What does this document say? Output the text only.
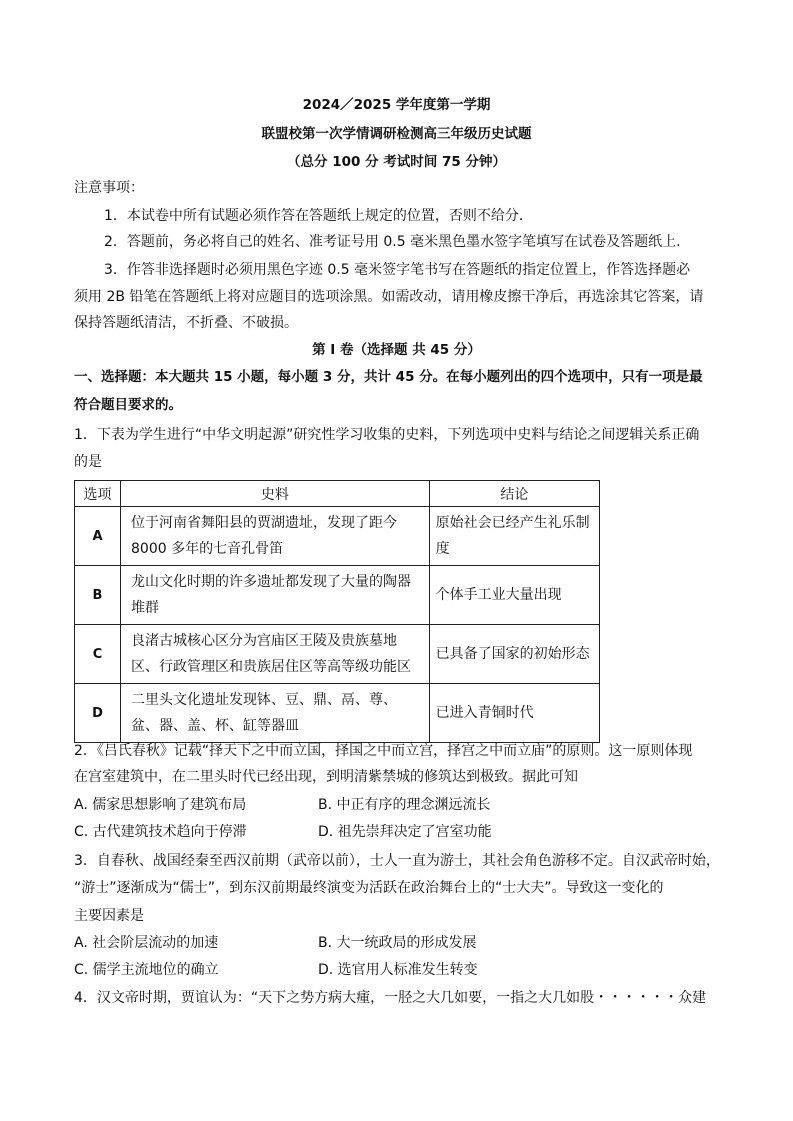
2024／2025 学年度第一学期
联盟校第一次学情调研检测高三年级历史试题
（总分 100 分 考试时间 75 分钟）
注意事项：
1．本试卷中所有试题必须作答在答题纸上规定的位置，否则不给分．
2．答题前，务必将自己的姓名、准考证号用 0.5 毫米黑色墨水签字笔填写在试卷及答题纸上.
3．作答非选择题时必须用黑色字迹 0.5 毫米签字笔书写在答题纸的指定位置上，作答选择题必
须用 2B 铅笔在答题纸上将对应题目的选项涂黑。如需改动，请用橡皮擦干净后，再选涂其它答案，请
保持答题纸清洁，不折叠、不破损。
第 I 卷（选择题 共 45 分）
一、选择题：本大题共 15 小题，每小题 3 分，共计 45 分。在每小题列出的四个选项中，只有一项是最
符合题目要求的。
1．下表为学生进行“中华文明起源”研究性学习收集的史料，下列选项中史料与结论之间逻辑关系正确
的是
选项	史料	结论
A	位于河南省舞阳县的贾湖遗址，发现了距今8000 多年的七音孔骨笛	原始社会已经产生礼乐制度
B	龙山文化时期的许多遗址都发现了大量的陶器堆群	个体手工业大量出现
C	良渚古城核心区分为宫庙区王陵及贵族墓地区、行政管理区和贵族居住区等高等级功能区	已具备了国家的初始形态
D	二里头文化遗址发现钵、豆、鼎、鬲、尊、盆、器、盖、杯、缸等器皿	已进入青铜时代
2．《吕氏春秋》记载“择天下之中而立国，择国之中而立宫，择宫之中而立庙”的原则。这一原则体现
在宫室建筑中，在二里头时代已经出现，到明清紫禁城的修筑达到极致。据此可知
A. 儒家思想影响了建筑布局	B. 中正有序的理念渊远流长
C. 古代建筑技术趋向于停滞	D. 祖先崇拜决定了宫室功能
3．自春秋、战国经秦至西汉前期（武帝以前），士人一直为游士，其社会角色游移不定。自汉武帝时始，
“游士”逐渐成为“儒士”，到东汉前期最终演变为活跃在政治舞台上的“士大夫”。导致这一变化的
主要因素是
A. 社会阶层流动的加速	B. 大一统政局的形成发展
C. 儒学主流地位的确立	D. 选官用人标准发生转变
4．汉文帝时期，贾谊认为：“天下之势方病大瘇，一胫之大几如要，一指之大几如股・・・・・・众建
